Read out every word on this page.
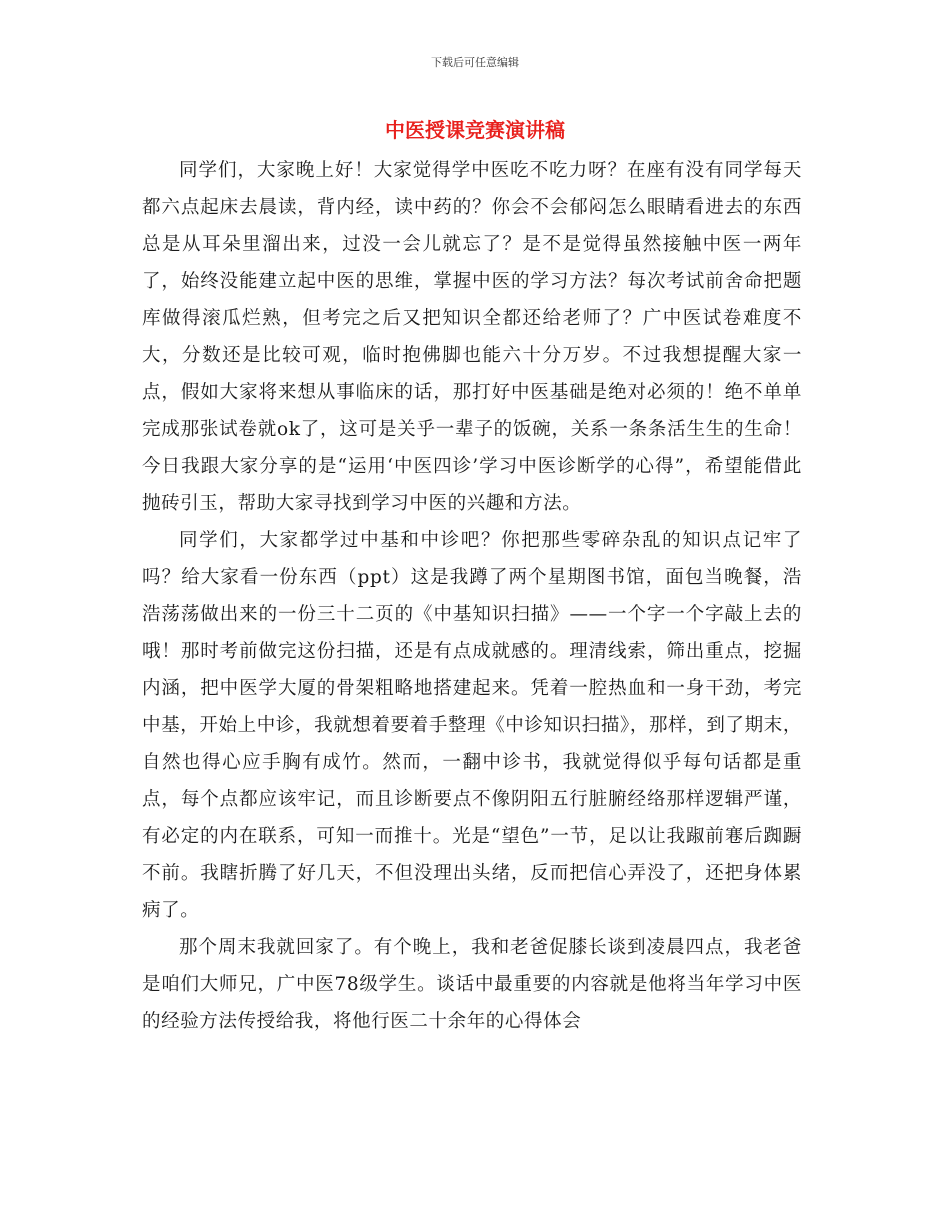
下载后可任意编辑
中医授课竞赛演讲稿

同学们，大家晚上好！大家觉得学中医吃不吃力呀？在座有没有同学每天都六点起床去晨读，背内经，读中药的？你会不会郁闷怎么眼睛看进去的东西总是从耳朵里溜出来，过没一会儿就忘了？是不是觉得虽然接触中医一两年了，始终没能建立起中医的思维，掌握中医的学习方法？每次考试前舍命把题库做得滚瓜烂熟，但考完之后又把知识全都还给老师了？广中医试卷难度不大，分数还是比较可观，临时抱佛脚也能六十分万岁。不过我想提醒大家一点，假如大家将来想从事临床的话，那打好中医基础是绝对必须的！绝不单单完成那张试卷就ok了，这可是关乎一辈子的饭碗，关系一条条活生生的生命！今日我跟大家分享的是“运用‘中医四诊’学习中医诊断学的心得”，希望能借此抛砖引玉，帮助大家寻找到学习中医的兴趣和方法。

同学们，大家都学过中基和中诊吧？你把那些零碎杂乱的知识点记牢了吗？给大家看一份东西（ppt）这是我蹲了两个星期图书馆，面包当晚餐，浩浩荡荡做出来的一份三十二页的《中基知识扫描》——一个字一个字敲上去的哦！那时考前做完这份扫描，还是有点成就感的。理清线索，筛出重点，挖掘内涵，把中医学大厦的骨架粗略地搭建起来。凭着一腔热血和一身干劲，考完中基，开始上中诊，我就想着要着手整理《中诊知识扫描》，那样，到了期末，自然也得心应手胸有成竹。然而，一翻中诊书，我就觉得似乎每句话都是重点，每个点都应该牢记，而且诊断要点不像阴阳五行脏腑经络那样逻辑严谨，有必定的内在联系，可知一而推十。光是“望色”一节，足以让我踧前寋后踟蹰不前。我瞎折腾了好几天，不但没理出头绪，反而把信心弄没了，还把身体累病了。

那个周末我就回家了。有个晚上，我和老爸促膝长谈到凌晨四点，我老爸是咱们大师兄，广中医78级学生。谈话中最重要的内容就是他将当年学习中医的经验方法传授给我，将他行医二十余年的心得体会
